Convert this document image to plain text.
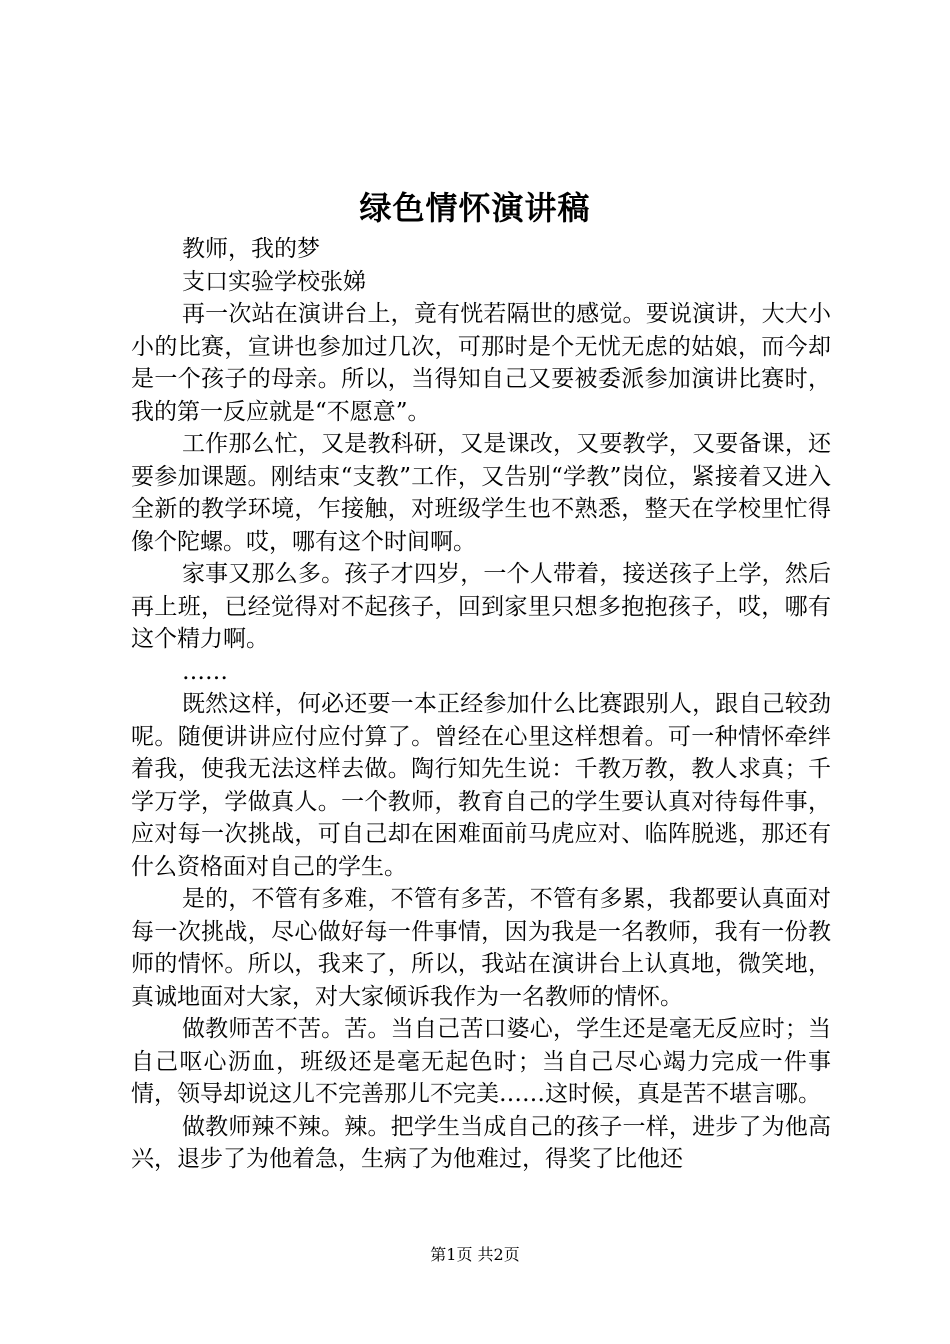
绿色情怀演讲稿

教师，我的梦

支口实验学校张娣

再一次站在演讲台上，竟有恍若隔世的感觉。要说演讲，大大小小的比赛，宣讲也参加过几次，可那时是个无忧无虑的姑娘，而今却是一个孩子的母亲。所以，当得知自己又要被委派参加演讲比赛时，我的第一反应就是“不愿意”。

工作那么忙，又是教科研，又是课改，又要教学，又要备课，还要参加课题。刚结束“支教”工作，又告别“学教”岗位，紧接着又进入全新的教学环境，乍接触，对班级学生也不熟悉，整天在学校里忙得像个陀螺。哎，哪有这个时间啊。

家事又那么多。孩子才四岁，一个人带着，接送孩子上学，然后再上班，已经觉得对不起孩子，回到家里只想多抱抱孩子，哎，哪有这个精力啊。

……

既然这样，何必还要一本正经参加什么比赛跟别人，跟自己较劲呢。随便讲讲应付应付算了。曾经在心里这样想着。可一种情怀牵绊着我，使我无法这样去做。陶行知先生说：千教万教，教人求真；千学万学，学做真人。一个教师，教育自己的学生要认真对待每件事，应对每一次挑战，可自己却在困难面前马虎应对、临阵脱逃，那还有什么资格面对自己的学生。

是的，不管有多难，不管有多苦，不管有多累，我都要认真面对每一次挑战，尽心做好每一件事情，因为我是一名教师，我有一份教师的情怀。所以，我来了，所以，我站在演讲台上认真地，微笑地，真诚地面对大家，对大家倾诉我作为一名教师的情怀。

做教师苦不苦。苦。当自己苦口婆心，学生还是毫无反应时；当自己呕心沥血，班级还是毫无起色时；当自己尽心竭力完成一件事情，领导却说这儿不完善那儿不完美……这时候，真是苦不堪言哪。

做教师辣不辣。辣。把学生当成自己的孩子一样，进步了为他高兴，退步了为他着急，生病了为他难过，得奖了比他还

第1页 共2页
